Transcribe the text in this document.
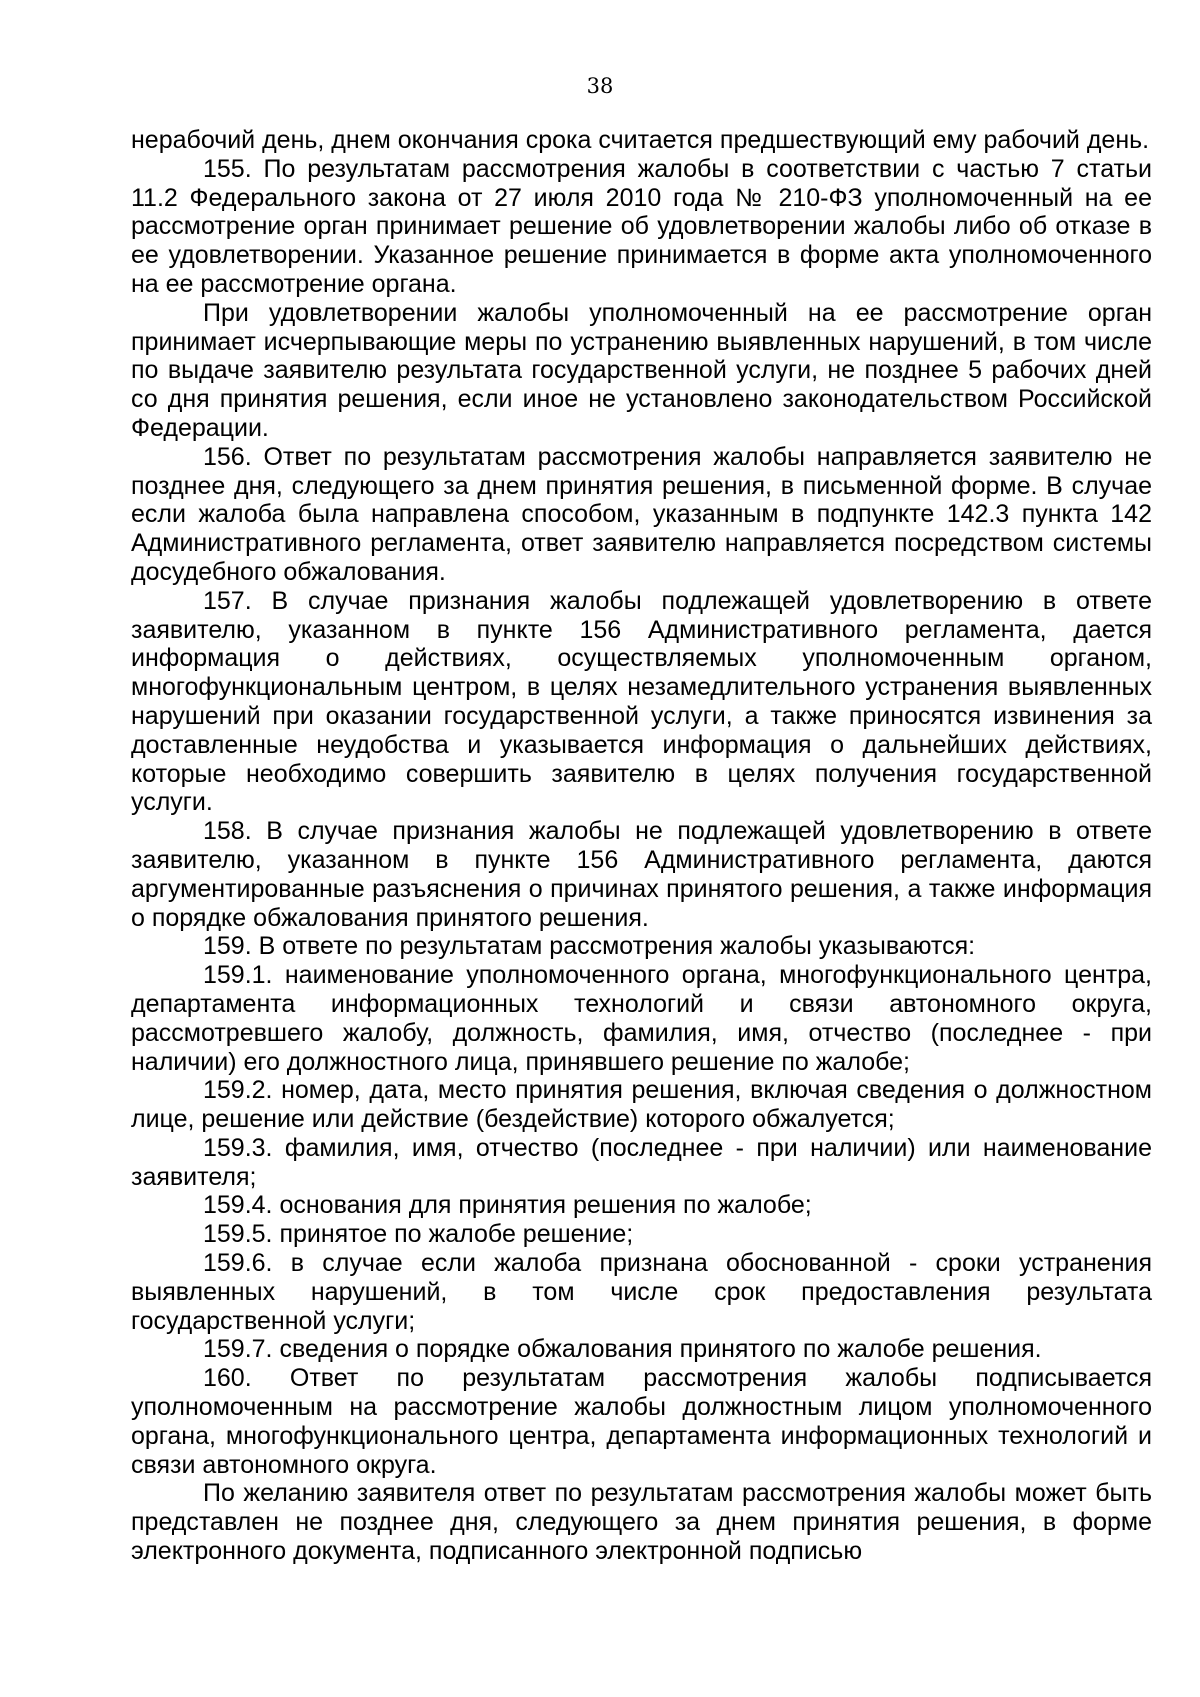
38

нерабочий день, днем окончания срока считается предшествующий ему рабочий день.

155. По результатам рассмотрения жалобы в соответствии с частью 7 статьи 11.2 Федерального закона от 27 июля 2010 года № 210-ФЗ уполномоченный на ее рассмотрение орган принимает решение об удовлетворении жалобы либо об отказе в ее удовлетворении. Указанное решение принимается в форме акта уполномоченного на ее рассмотрение органа.

При удовлетворении жалобы уполномоченный на ее рассмотрение орган принимает исчерпывающие меры по устранению выявленных нарушений, в том числе по выдаче заявителю результата государственной услуги, не позднее 5 рабочих дней со дня принятия решения, если иное не установлено законодательством Российской Федерации.

156. Ответ по результатам рассмотрения жалобы направляется заявителю не позднее дня, следующего за днем принятия решения, в письменной форме. В случае если жалоба была направлена способом, указанным в подпункте 142.3 пункта 142 Административного регламента, ответ заявителю направляется посредством системы досудебного обжалования.

157. В случае признания жалобы подлежащей удовлетворению в ответе заявителю, указанном в пункте 156 Административного регламента, дается информация о действиях, осуществляемых уполномоченным органом, многофункциональным центром, в целях незамедлительного устранения выявленных нарушений при оказании государственной услуги, а также приносятся извинения за доставленные неудобства и указывается информация о дальнейших действиях, которые необходимо совершить заявителю в целях получения государственной услуги.

158. В случае признания жалобы не подлежащей удовлетворению в ответе заявителю, указанном в пункте 156 Административного регламента, даются аргументированные разъяснения о причинах принятого решения, а также информация о порядке обжалования принятого решения.

159. В ответе по результатам рассмотрения жалобы указываются:

159.1. наименование уполномоченного органа, многофункционального центра, департамента информационных технологий и связи автономного округа, рассмотревшего жалобу, должность, фамилия, имя, отчество (последнее - при наличии) его должностного лица, принявшего решение по жалобе;

159.2. номер, дата, место принятия решения, включая сведения о должностном лице, решение или действие (бездействие) которого обжалуется;

159.3. фамилия, имя, отчество (последнее - при наличии) или наименование заявителя;

159.4. основания для принятия решения по жалобе;

159.5. принятое по жалобе решение;

159.6. в случае если жалоба признана обоснованной - сроки устранения выявленных нарушений, в том числе срок предоставления результата государственной услуги;

159.7. сведения о порядке обжалования принятого по жалобе решения.

160. Ответ по результатам рассмотрения жалобы подписывается уполномоченным на рассмотрение жалобы должностным лицом уполномоченного органа, многофункционального центра, департамента информационных технологий и связи автономного округа.

По желанию заявителя ответ по результатам рассмотрения жалобы может быть представлен не позднее дня, следующего за днем принятия решения, в форме электронного документа, подписанного электронной подписью
